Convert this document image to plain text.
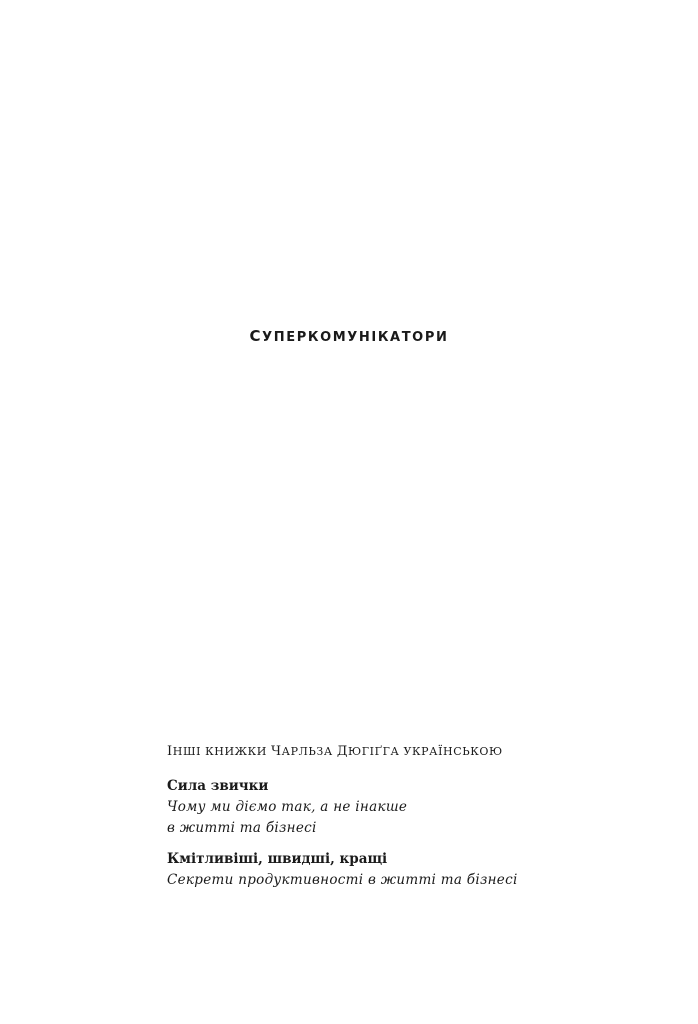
СУПЕРКОМУНІКАТОРИ
ІНШІ КНИЖКИ ЧАРЛЬЗА ДЮГІҐГА УКРАЇНСЬКОЮ
Сила звички
Чому ми діємо так, а не інакше
в житті та бізнесі
Кмітливіші, швидші, кращі
Секрети продуктивності в житті та бізнесі
